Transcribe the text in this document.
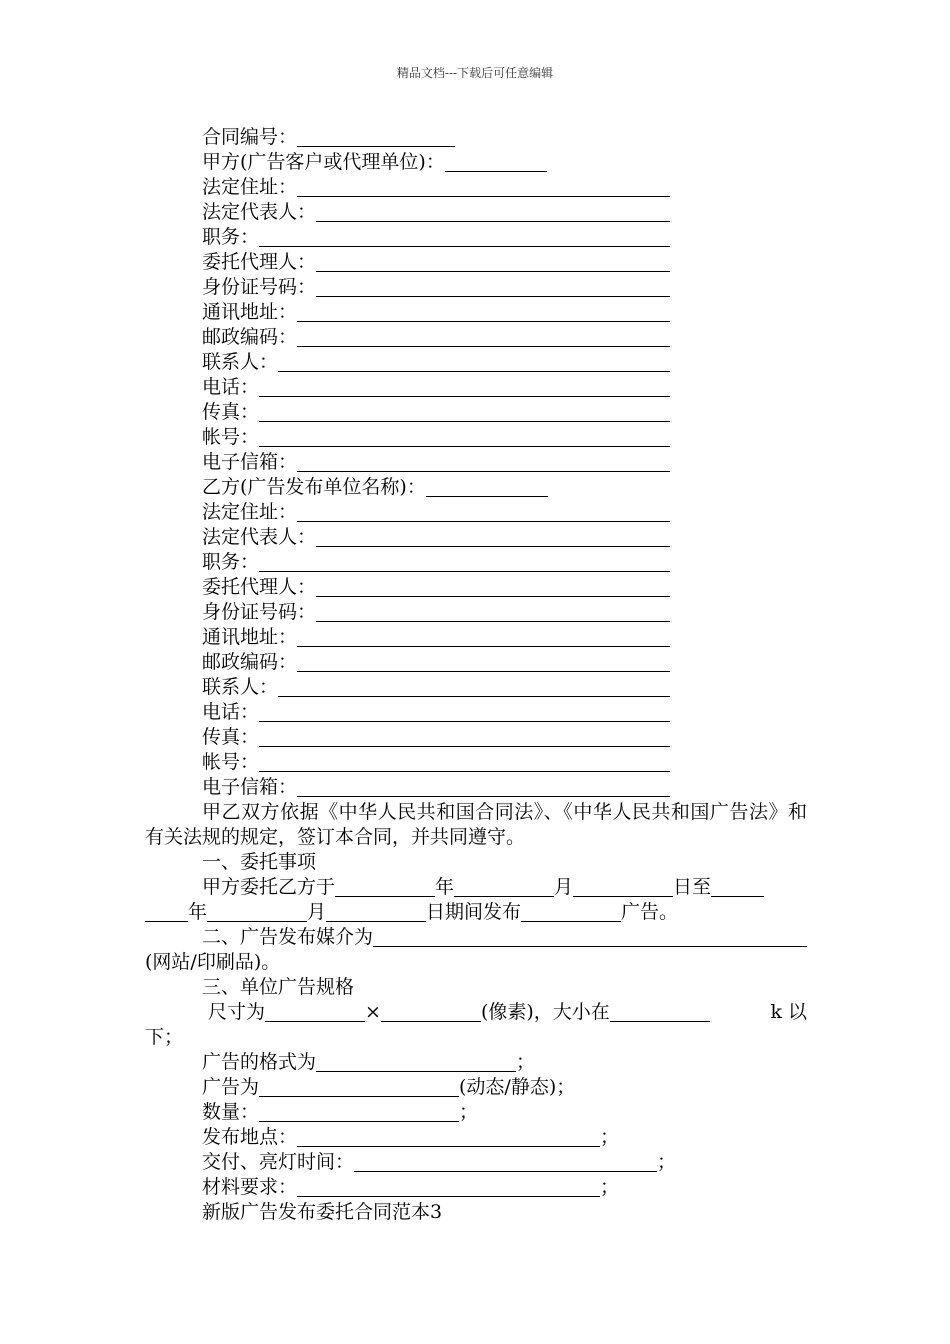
精品文档---下载后可任意编辑
合同编号：
甲方(广告客户或代理单位)：
法定住址：
法定代表人：
职务：
委托代理人：
身份证号码：
通讯地址：
邮政编码：
联系人：
电话：
传真：
帐号：
电子信箱：
乙方(广告发布单位名称)：
法定住址：
法定代表人：
职务：
委托代理人：
身份证号码：
通讯地址：
邮政编码：
联系人：
电话：
传真：
帐号：
电子信箱：
甲乙双方依据《中华人民共和国合同法》、《中华人民共和国广告法》和有关法规的规定，签订本合同，并共同遵守。
一、委托事项
甲方委托乙方于	年	月	日至
年	月	日期间发布	广告。
二、广告发布媒介为
(网站/印刷品)。
三、单位广告规格
尺寸为	×	(像素)，大小在	k 以
下；
广告的格式为	；
广告为	(动态/静态)；
数量：	；
发布地点：	；
交付、亮灯时间：	；
材料要求：	；
新版广告发布委托合同范本3
